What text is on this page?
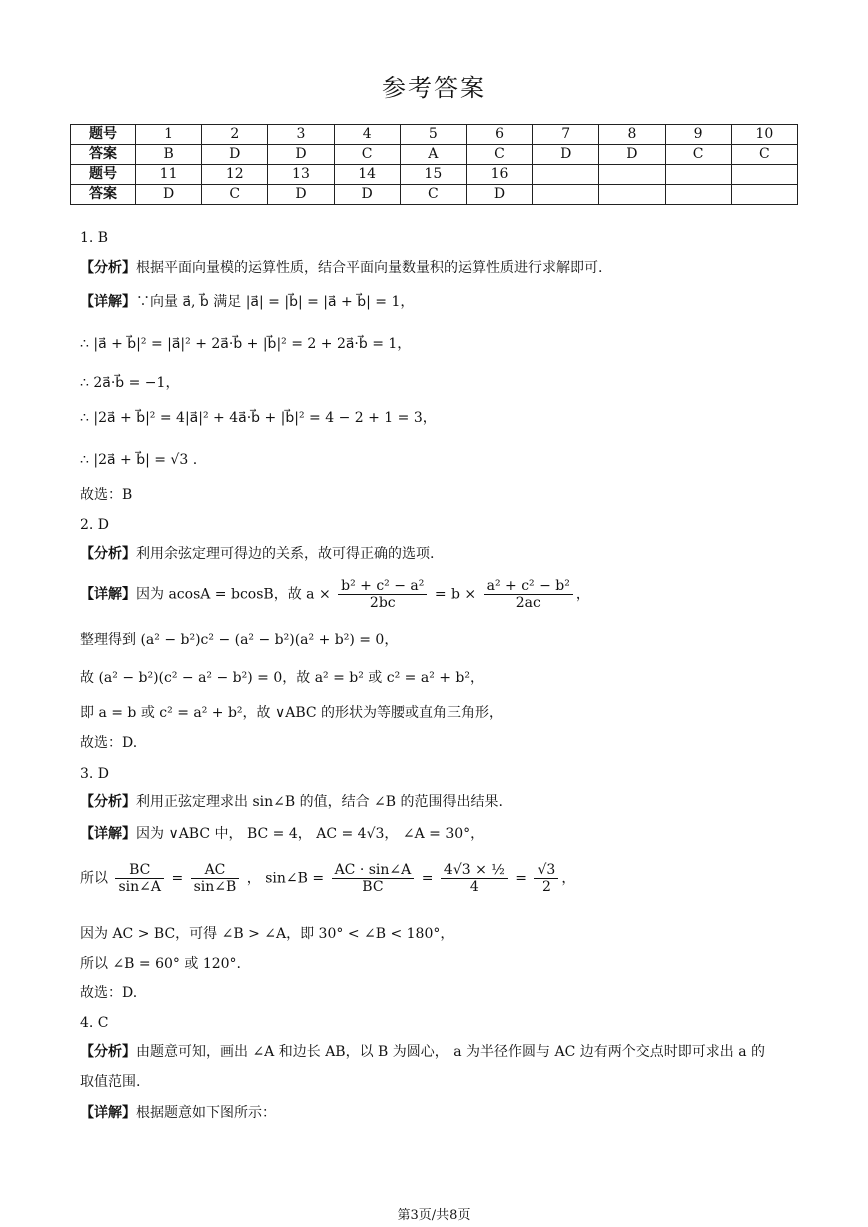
参考答案
题号	1	2	3	4	5	6	7	8	9	10
答案	B	D	D	C	A	C	D	D	C	C
题号	11	12	13	14	15	16				
答案	D	C	D	D	C	D				
1. B
【分析】根据平面向量模的运算性质，结合平面向量数量积的运算性质进行求解即可.
【详解】∵向量 a⃗, b⃗ 满足 |a⃗| = |b⃗| = |a⃗ + b⃗| = 1，
∴ |a⃗ + b⃗|² = |a⃗|² + 2a⃗·b⃗ + |b⃗|² = 2 + 2a⃗·b⃗ = 1，
∴ 2a⃗·b⃗ = −1，
∴ |2a⃗ + b⃗|² = 4|a⃗|² + 4a⃗·b⃗ + |b⃗|² = 4 − 2 + 1 = 3，
∴ |2a⃗ + b⃗| = √3 .
故选：B
2. D
【分析】利用余弦定理可得边的关系，故可得正确的选项.
整理得到 (a² − b²)c² − (a² − b²)(a² + b²) = 0，
故 (a² − b²)(c² − a² − b²) = 0，故 a² = b² 或 c² = a² + b²，
即 a = b 或 c² = a² + b²，故 ∨ABC 的形状为等腰或直角三角形，
故选：D.
3. D
【分析】利用正弦定理求出 sin∠B 的值，结合 ∠B 的范围得出结果.
【详解】因为 ∨ABC 中， BC = 4， AC = 4√3， ∠A = 30°，
因为 AC > BC，可得 ∠B > ∠A，即 30° < ∠B < 180°，
所以 ∠B = 60° 或 120°.
故选：D.
4. C
【分析】由题意可知，画出 ∠A 和边长 AB，以 B 为圆心， a 为半径作圆与 AC 边有两个交点时即可求出 a 的
取值范围.
【详解】根据题意如下图所示：
【详解】因为 acosA = bcosB，故 $a \times \frac{\text{b² + c² − a²}}{2bc} = b \times \frac{\text{a² + c² − b²}}{2ac}$ ，
所以 $\frac{BC}{\sin\angle A} = \frac{AC}{\sin\angle B}$ ， sin∠B = $\frac{AC \cdot \sin\angle A}{BC} = \frac{\text{4√3 × ½}}{4} = \frac{√3}{2}$ ，
第3页/共8页
